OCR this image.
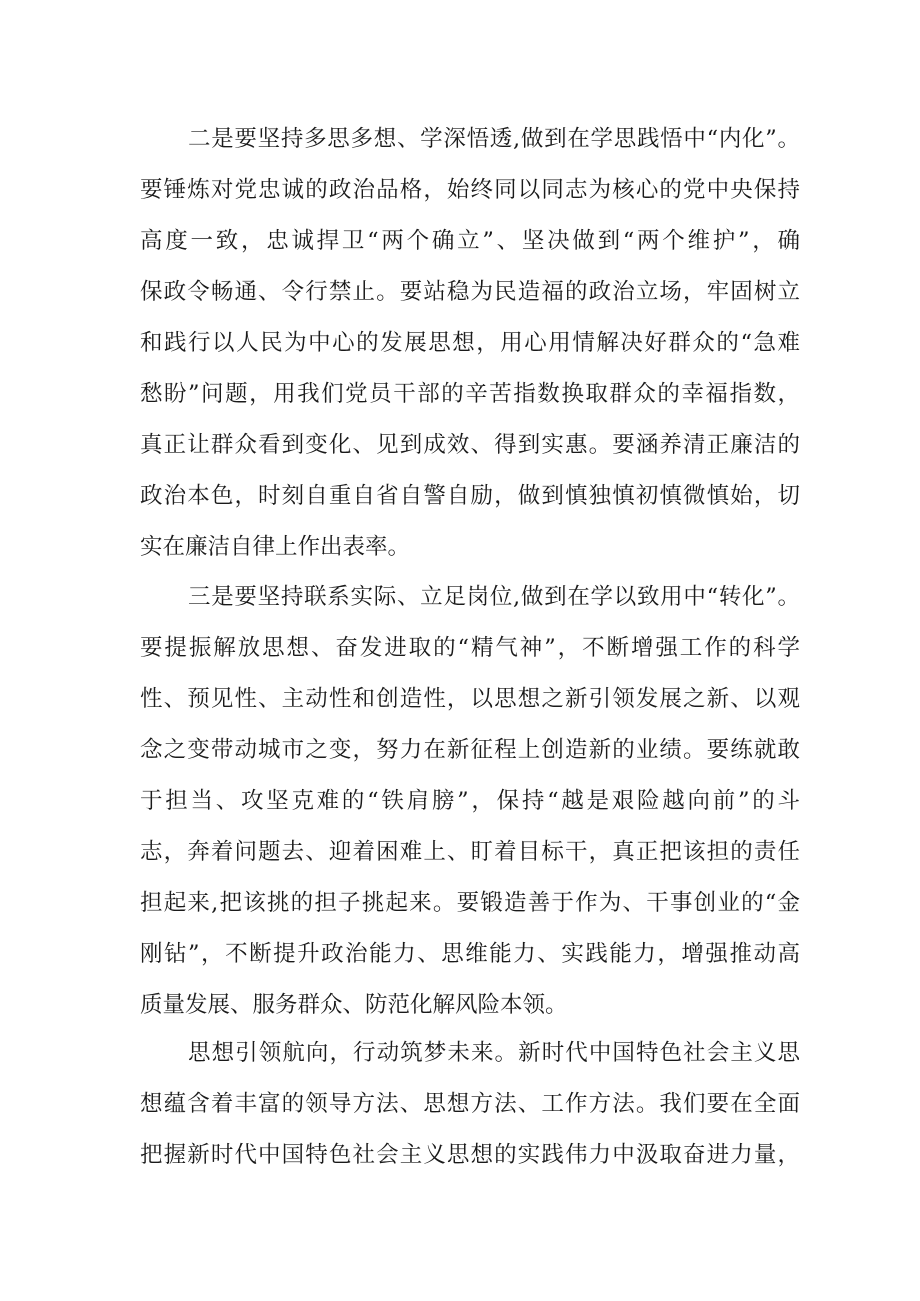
二是要坚持多思多想、学深悟透,做到在学思践悟中“内化”。
要锤炼对党忠诚的政治品格，始终同以同志为核心的党中央保持
高度一致，忠诚捍卫“两个确立”、坚决做到“两个维护”，确
保政令畅通、令行禁止。要站稳为民造福的政治立场，牢固树立
和践行以人民为中心的发展思想，用心用情解决好群众的“急难
愁盼”问题，用我们党员干部的辛苦指数换取群众的幸福指数，
真正让群众看到变化、见到成效、得到实惠。要涵养清正廉洁的
政治本色，时刻自重自省自警自励，做到慎独慎初慎微慎始，切
实在廉洁自律上作出表率。
三是要坚持联系实际、立足岗位,做到在学以致用中“转化”。
要提振解放思想、奋发进取的“精气神”，不断增强工作的科学
性、预见性、主动性和创造性，以思想之新引领发展之新、以观
念之变带动城市之变，努力在新征程上创造新的业绩。要练就敢
于担当、攻坚克难的“铁肩膀”，保持“越是艰险越向前”的斗
志，奔着问题去、迎着困难上、盯着目标干，真正把该担的责任
担起来,把该挑的担子挑起来。要锻造善于作为、干事创业的“金
刚钻”，不断提升政治能力、思维能力、实践能力，增强推动高
质量发展、服务群众、防范化解风险本领。
思想引领航向，行动筑梦未来。新时代中国特色社会主义思
想蕴含着丰富的领导方法、思想方法、工作方法。我们要在全面
把握新时代中国特色社会主义思想的实践伟力中汲取奋进力量，
